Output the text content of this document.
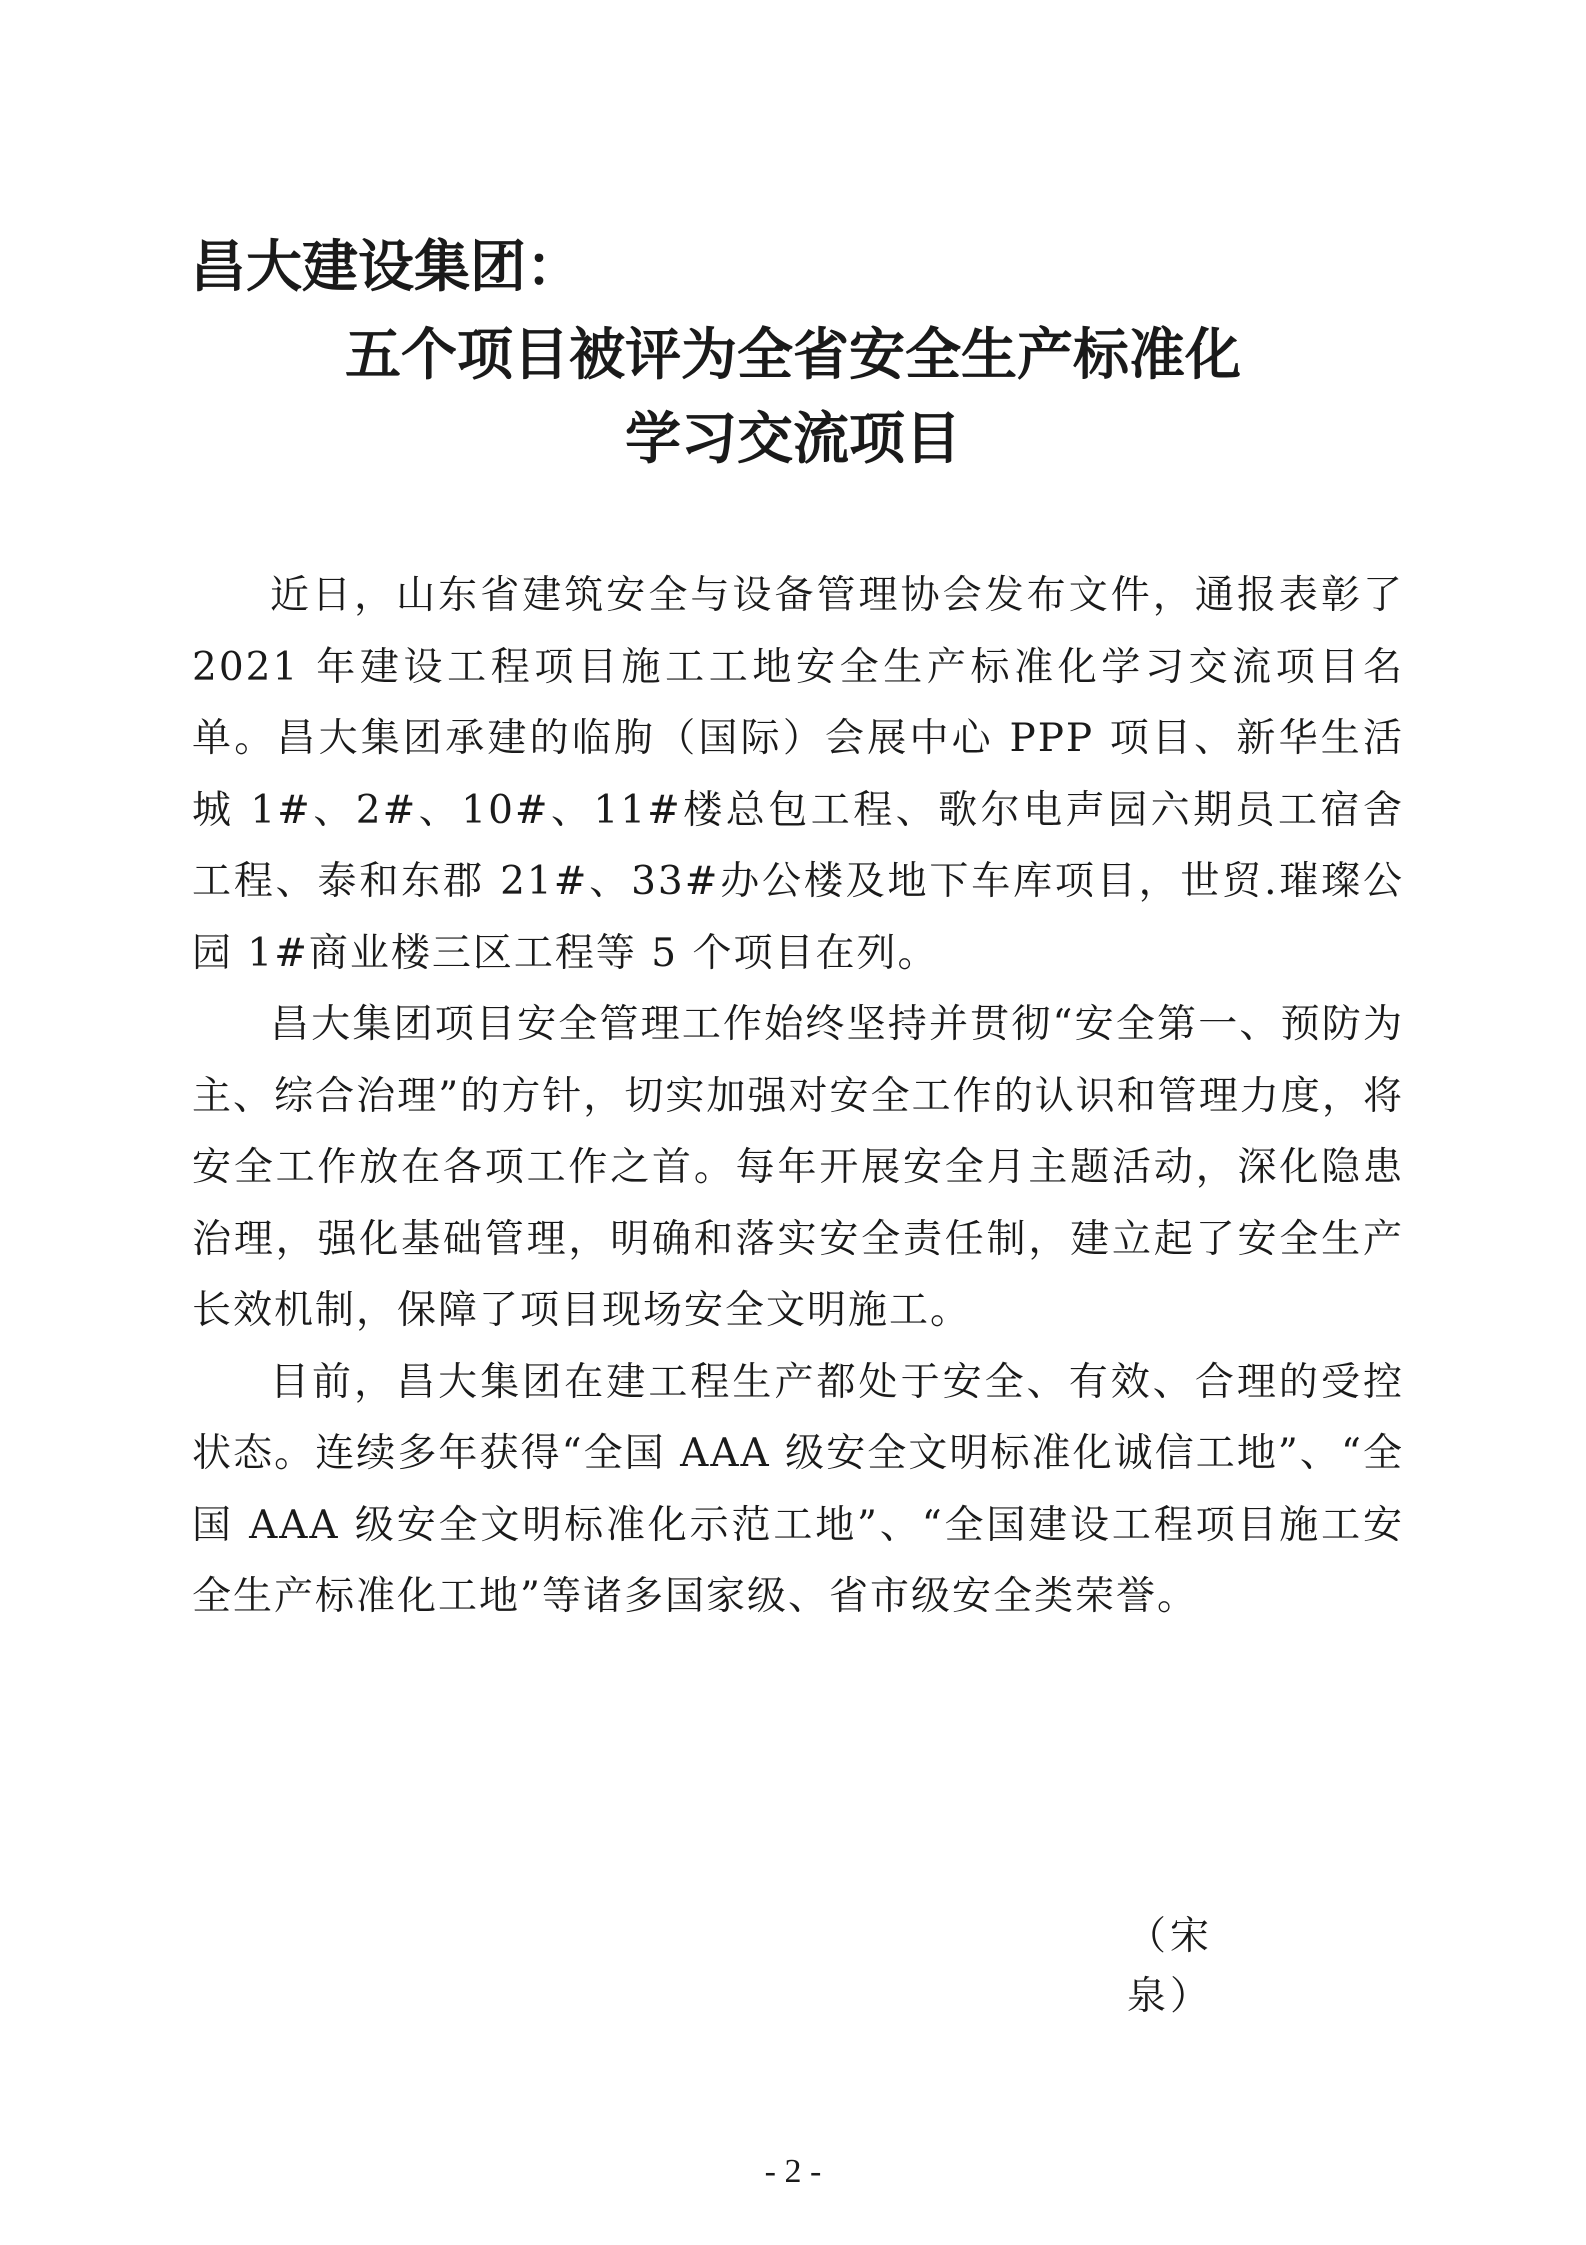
昌大建设集团：
五个项目被评为全省安全生产标准化
学习交流项目

近日，山东省建筑安全与设备管理协会发布文件，通报表彰了 2021 年建设工程项目施工工地安全生产标准化学习交流项目名单。昌大集团承建的临朐（国际）会展中心 PPP 项目、新华生活城 1#、2#、10#、11#楼总包工程、歌尔电声园六期员工宿舍工程、泰和东郡 21#、33#办公楼及地下车库项目，世贸.璀璨公园 1#商业楼三区工程等 5 个项目在列。

昌大集团项目安全管理工作始终坚持并贯彻“安全第一、预防为主、综合治理”的方针，切实加强对安全工作的认识和管理力度，将安全工作放在各项工作之首。每年开展安全月主题活动，深化隐患治理，强化基础管理，明确和落实安全责任制，建立起了安全生产长效机制，保障了项目现场安全文明施工。

目前，昌大集团在建工程生产都处于安全、有效、合理的受控状态。连续多年获得“全国 AAA 级安全文明标准化诚信工地”、“全国 AAA 级安全文明标准化示范工地”、“全国建设工程项目施工安全生产标准化工地”等诸多国家级、省市级安全类荣誉。

（宋泉）
- 2 -
